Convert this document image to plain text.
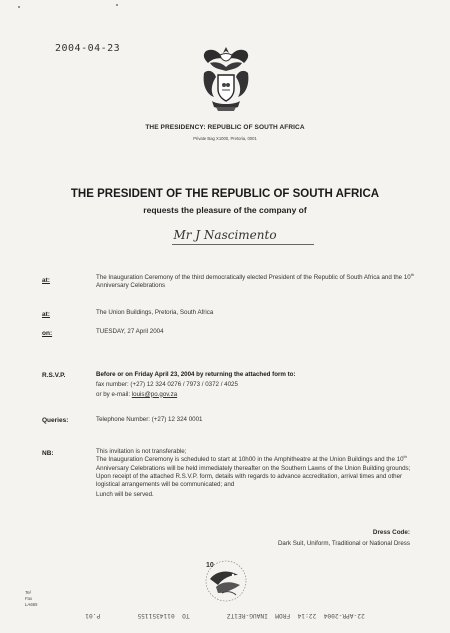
2004-04-23
THE PRESIDENCY: REPUBLIC OF SOUTH AFRICA
Private Bag X1000, Pretoria, 0001
THE PRESIDENT OF THE REPUBLIC OF SOUTH AFRICA
requests the pleasure of the company of
Mr J Nascimento
at:	The Inauguration Ceremony of the third democratically elected President of the Republic of South Africa and the 10th Anniversary Celebrations
at:	The Union Buildings, Pretoria, South Africa
on:	TUESDAY, 27 April 2004
R.S.V.P.	Before or on Friday April 23, 2004 by returning the attached form to:
fax number: (+27) 12 324 0276 / 7973 / 0372 / 4025
or by e-mail: louis@po.gov.za
Queries:	Telephone Number: (+27) 12 324 0001
NB:	This invitation is not transferable;
The Inauguration Ceremony is scheduled to start at 10h00 in the Amphitheatre at the Union Buildings and the 10th Anniversary Celebrations will be held immediately thereafter on the Southern Lawns of the Union Building grounds;
Upon receipt of the attached R.S.V.P. form, details with regards to advance accreditation, arrival times and other logistical arrangements will be communicated; and
Lunch will be served.
Dress Code:
Dark Suit, Uniform, Traditional or National Dress
10
Tel
Fax
LA665
22-APR-2004  22:14  FROM  INAUG-RE1TZ          TO  0114351155          P.01
